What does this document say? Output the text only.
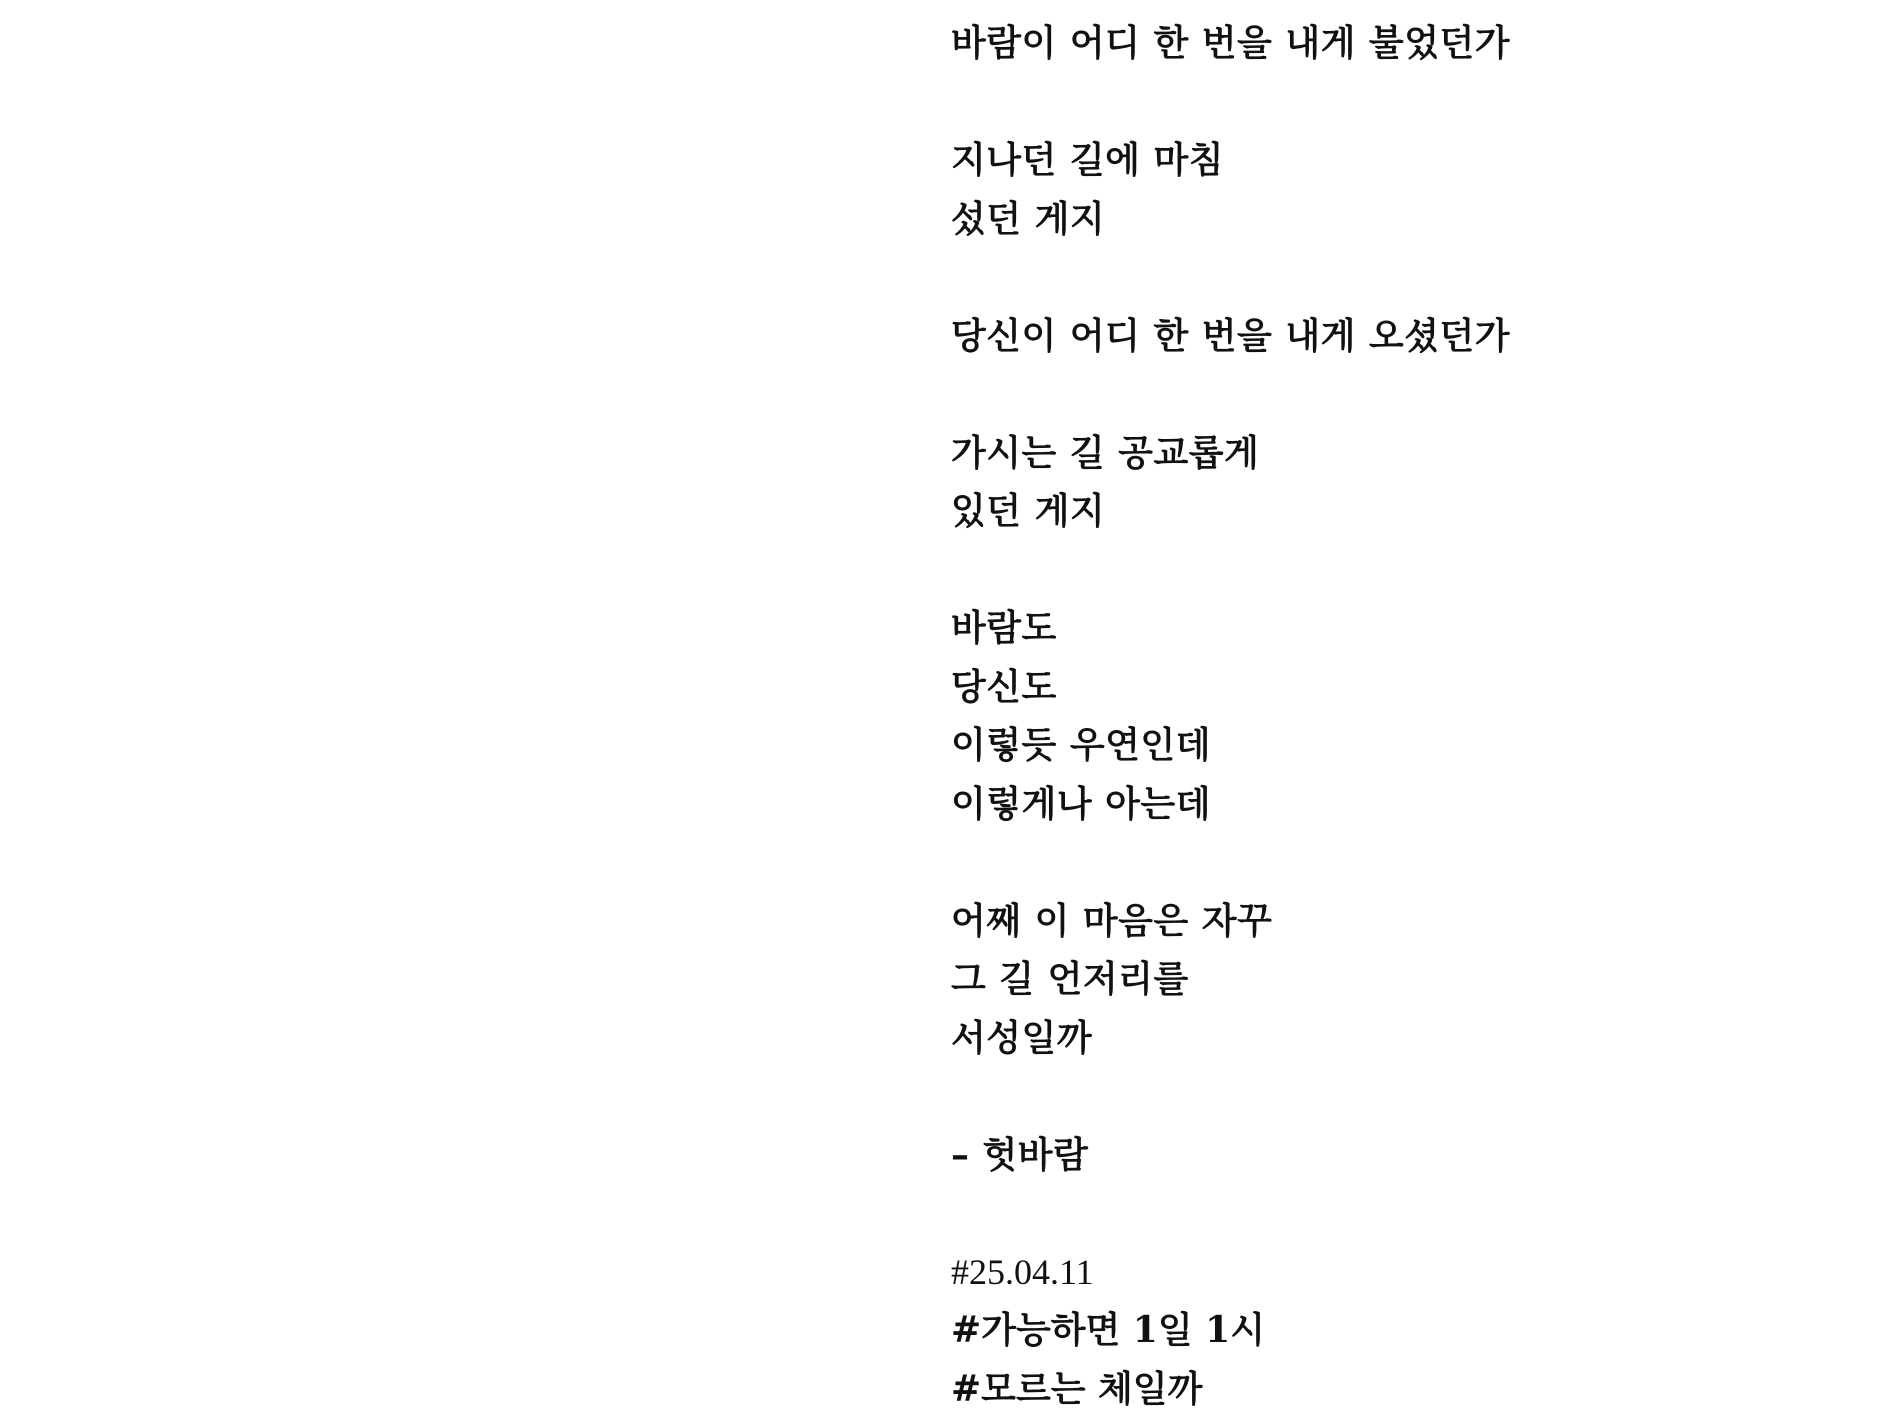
바람이 어디 한 번을 내게 불었던가
지나던 길에 마침
섰던 게지
당신이 어디 한 번을 내게 오셨던가
가시는 길 공교롭게
있던 게지
바람도
당신도
이렇듯 우연인데
이렇게나 아는데
어째 이 마음은 자꾸
그 길 언저리를
서성일까
– 헛바람
#25.04.11
#가능하면 1일 1시
#모르는 체일까
